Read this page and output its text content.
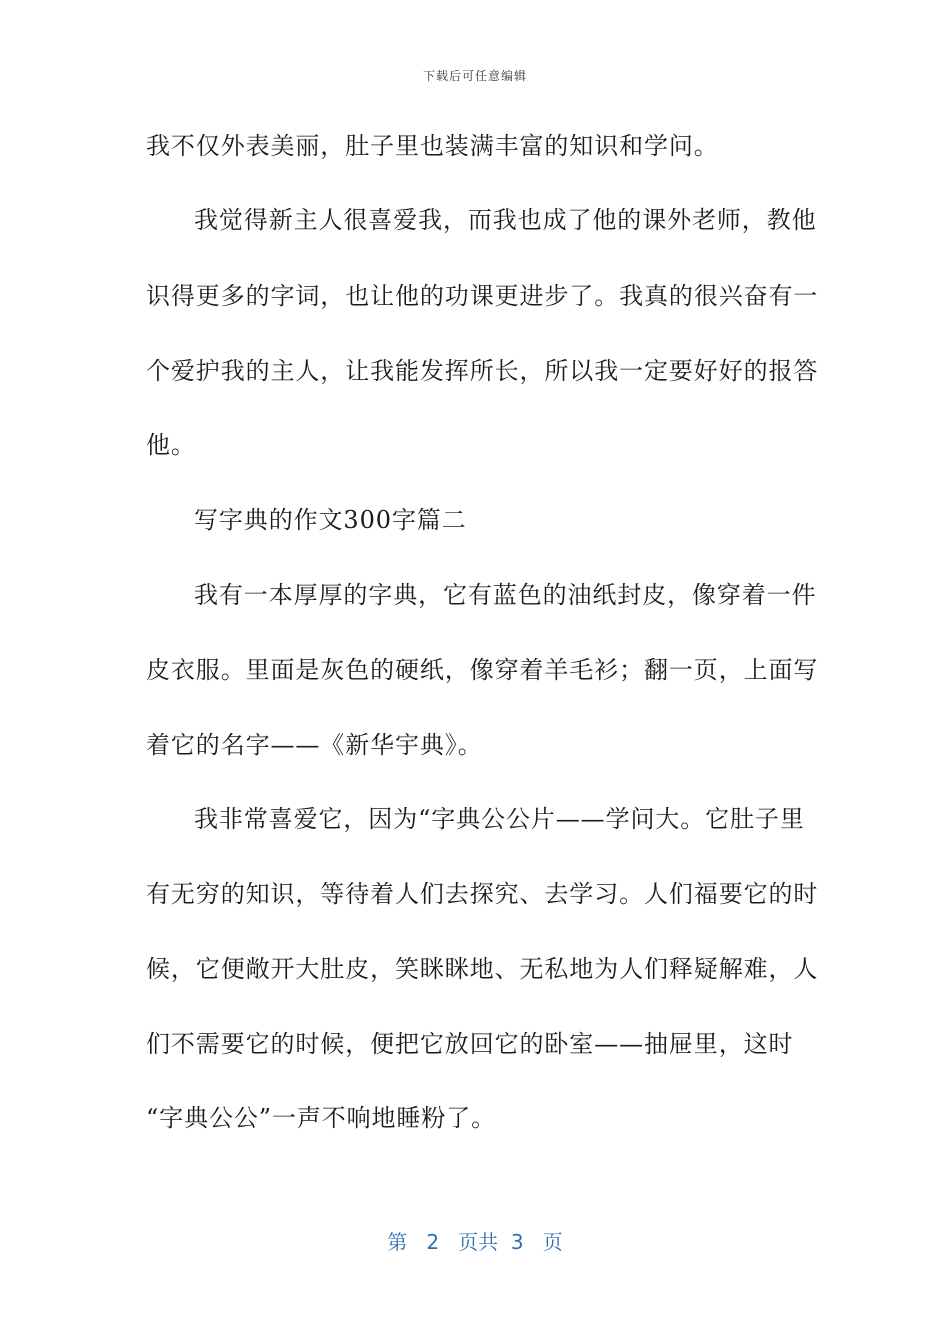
下载后可任意编辑
我不仅外表美丽，肚子里也装满丰富的知识和学问。
我觉得新主人很喜爱我，而我也成了他的课外老师，教他
识得更多的字词，也让他的功课更进步了。我真的很兴奋有一
个爱护我的主人，让我能发挥所长，所以我一定要好好的报答
他。
写字典的作文300字篇二
我有一本厚厚的字典，它有蓝色的油纸封皮，像穿着一件
皮衣服。里面是灰色的硬纸，像穿着羊毛衫；翻一页，上面写
着它的名字——《新华宇典》。
我非常喜爱它，因为“字典公公片——学问大。它肚子里
有无穷的知识，等待着人们去探究、去学习。人们福要它的时
候，它便敞开大肚皮，笑眯眯地、无私地为人们释疑解难，人
们不需要它的时候，便把它放回它的卧室——抽屉里，这时
“字典公公”一声不响地睡粉了。
第 2 页共 3 页
